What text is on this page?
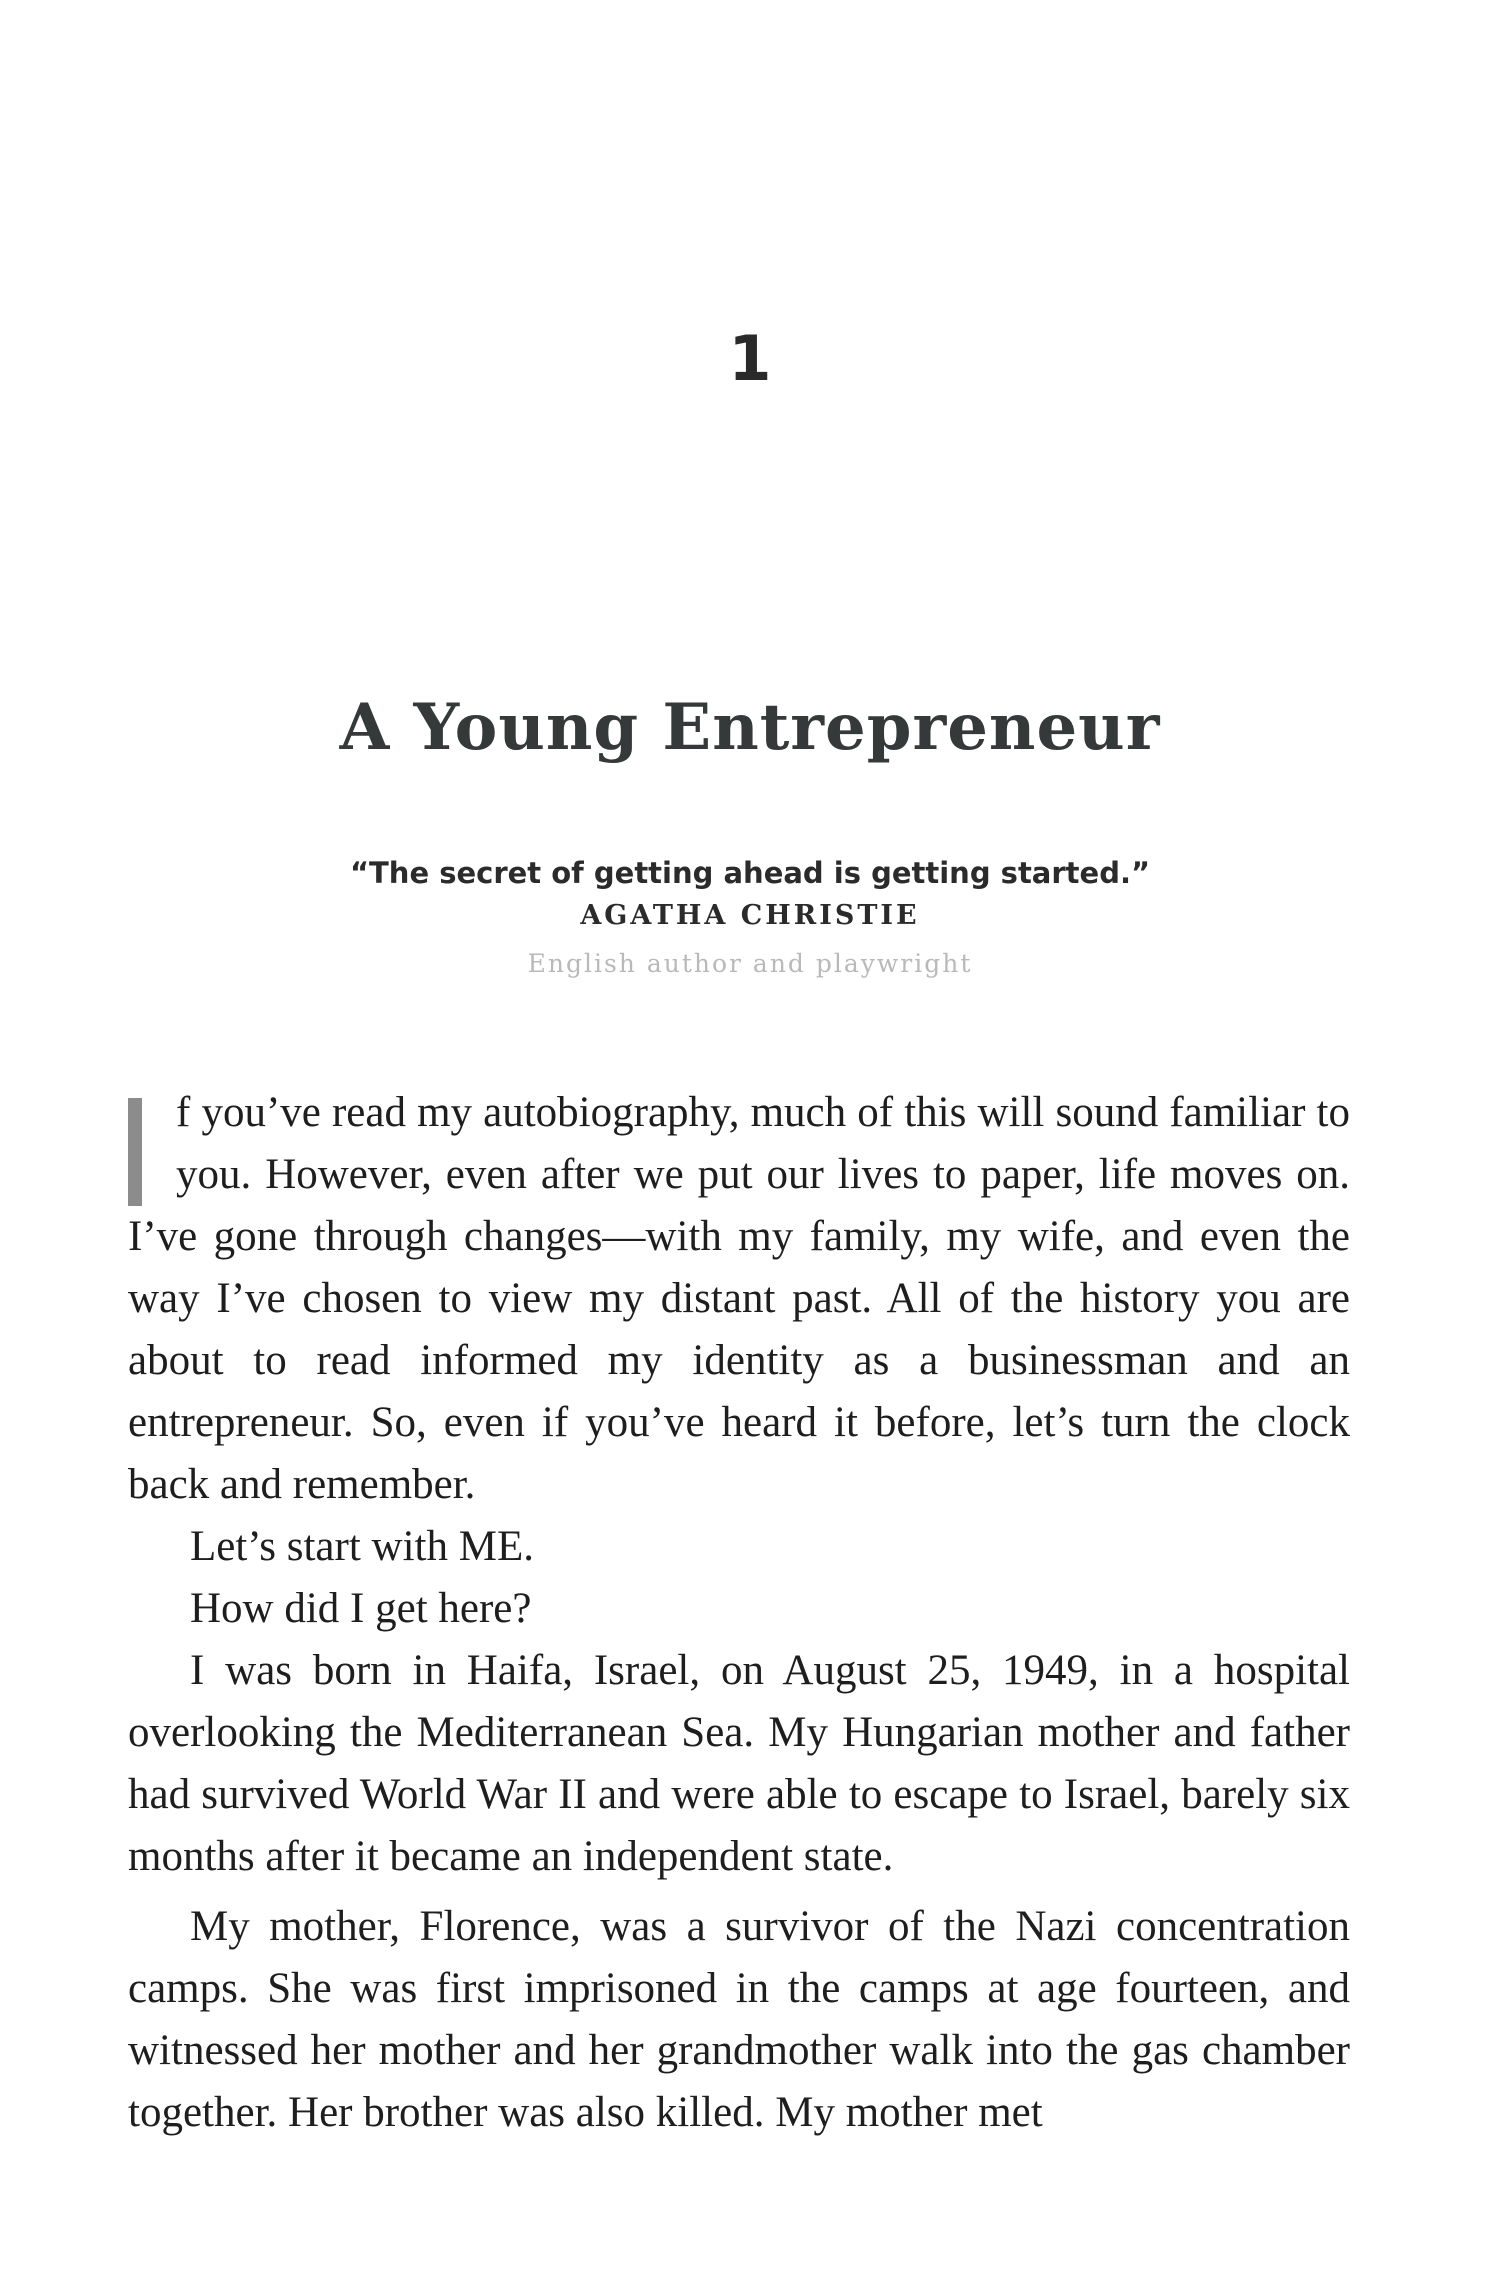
1
A Young Entrepreneur
“The secret of getting ahead is getting started.”
AGATHA CHRISTIE
English author and playwright

f you’ve read my autobiography, much of this will sound familiar to you. However, even after we put our lives to paper, life moves on. I’ve gone through changes—with my family, my wife, and even the way I’ve chosen to view my distant past. All of the history you are about to read informed my identity as a businessman and an entrepreneur. So, even if you’ve heard it before, let’s turn the clock back and remember.

Let’s start with ME.

How did I get here?

I was born in Haifa, Israel, on August 25, 1949, in a hospital overlooking the Mediterranean Sea. My Hungarian mother and father had survived World War II and were able to escape to Israel, barely six months after it became an independent state.

My mother, Florence, was a survivor of the Nazi concentration camps. She was first imprisoned in the camps at age fourteen, and witnessed her mother and her grandmother walk into the gas chamber together. Her brother was also killed. My mother met
